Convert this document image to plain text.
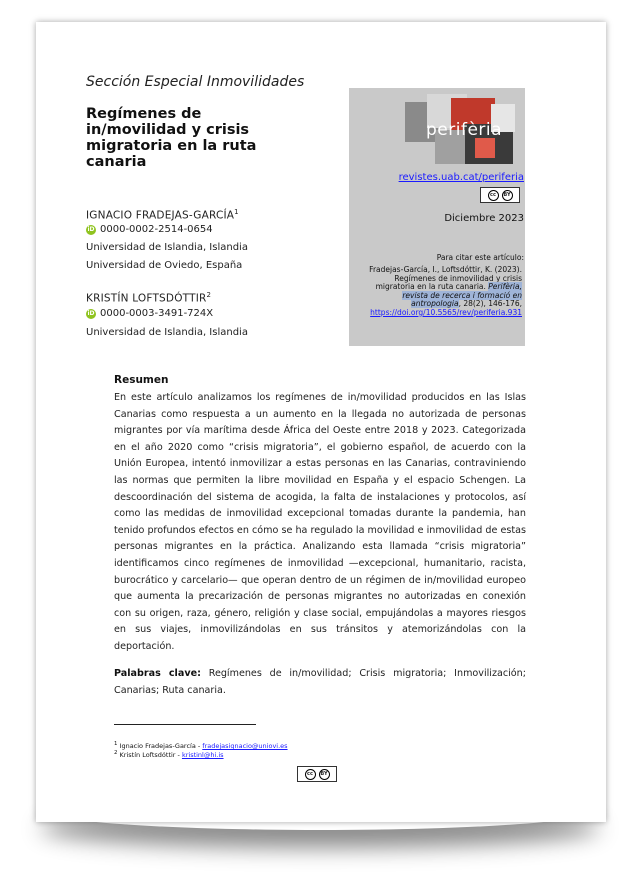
Sección Especial Inmovilidades
Regímenes de in/movilidad y crisis migratoria en la ruta canaria
IGNACIO FRADEJAS-GARCÍA$^1$
iD 0000-0002-2514-0654
Universidad de Islandia, Islandia
Universidad de Oviedo, España
KRISTÍN LOFTSDÓTTIR$^2$
iD 0000-0003-3491-724X
Universidad de Islandia, Islandia
perifèria
revistes.uab.cat/periferia
cc	BY
Diciembre 2023
Para citar este artículo:
Fradejas-García, I., Loftsdóttir, K. (2023). Regímenes de inmovilidad y crisis migratoria en la ruta canaria. Perifèria, revista de recerca i formació en antropologia, 28(2), 146-176, https://doi.org/10.5565/rev/periferia.931
Resumen

En este artículo analizamos los regímenes de in/movilidad producidos en las Islas Canarias como respuesta a un aumento en la llegada no autorizada de personas migrantes por vía marítima desde África del Oeste entre 2018 y 2023. Categorizada en el año 2020 como “crisis migratoria”, el gobierno español, de acuerdo con la Unión Europea, intentó inmovilizar a estas personas en las Canarias, contraviniendo las normas que permiten la libre movilidad en España y el espacio Schengen. La descoordinación del sistema de acogida, la falta de instalaciones y protocolos, así como las medidas de inmovilidad excepcional tomadas durante la pandemia, han tenido profundos efectos en cómo se ha regulado la movilidad e inmovilidad de estas personas migrantes en la práctica. Analizando esta llamada “crisis migratoria” identificamos cinco regímenes de inmovilidad —excepcional, humanitario, racista, burocrático y carcelario— que operan dentro de un régimen de in/movilidad europeo que aumenta la precarización de personas migrantes no autorizadas en conexión con su origen, raza, género, religión y clase social, empujándolas a mayores riesgos en sus viajes, inmovilizándolas en sus tránsitos y atemorizándolas con la deportación.

Palabras clave: Regímenes de in/movilidad; Crisis migratoria; Inmovilización; Canarias; Ruta canaria.

$^1$ Ignacio Fradejas-García - fradejasignacio@uniovi.es
$^2$ Kristín Loftsdóttir - kristinl@hi.is
cc	BY
